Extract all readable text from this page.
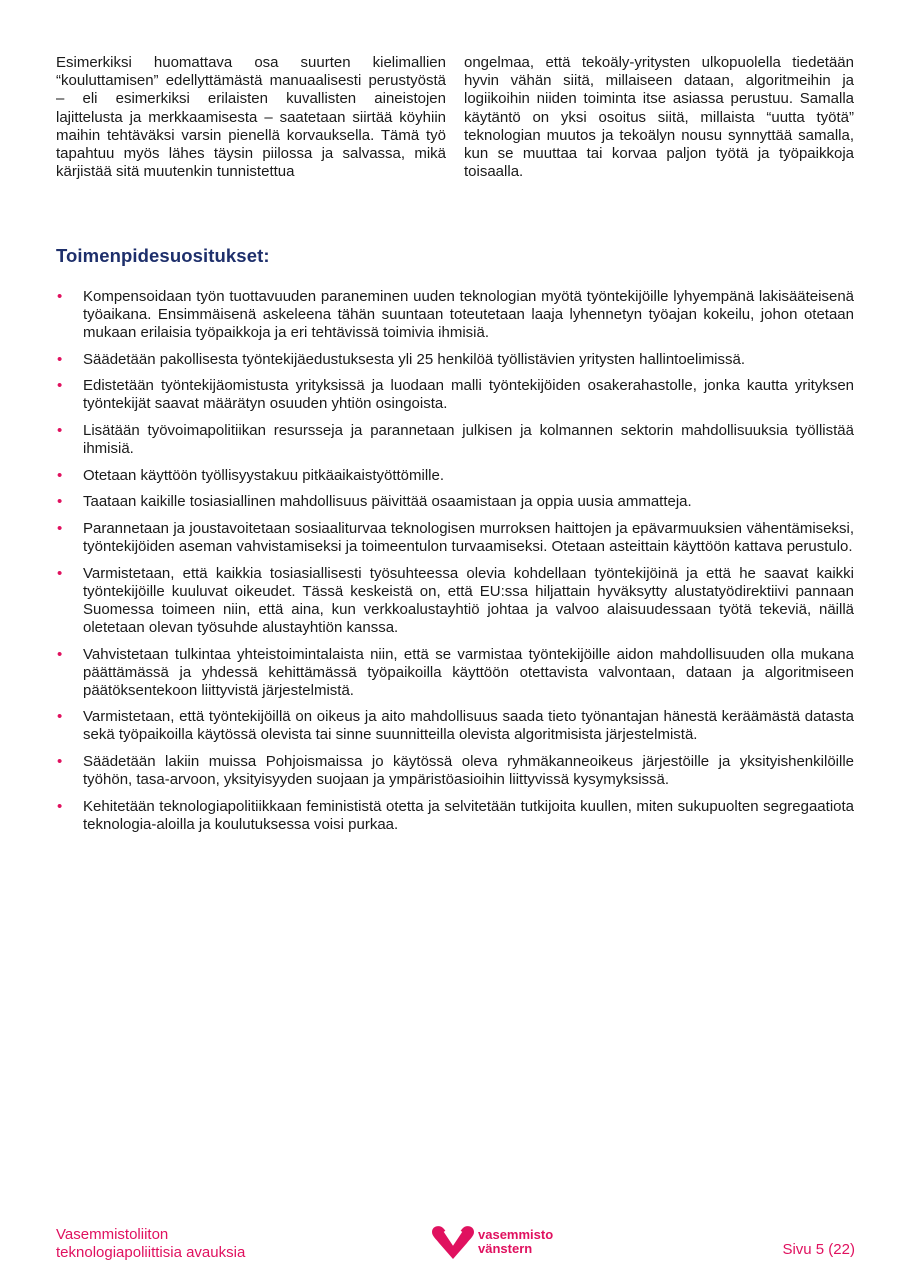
Esimerkiksi huomattava osa suurten kielimallien “kouluttamisen” edellyttämästä manuaalisesti perustyöstä – eli esimerkiksi erilaisten kuvallisten aineistojen lajittelusta ja merkkaamisesta – saatetaan siirtää köyhiin maihin tehtäväksi varsin pienellä korvauksella. Tämä työ tapahtuu myös lähes täysin piilossa ja salvassa, mikä kärjistää sitä muutenkin tunnistettua

ongelmaa, että tekoäly-yritysten ulkopuolella tiedetään hyvin vähän siitä, millaiseen dataan, algoritmeihin ja logiikoihin niiden toiminta itse asiassa perustuu. Samalla käytäntö on yksi osoitus siitä, millaista “uutta työtä” teknologian muutos ja tekoälyn nousu synnyttää samalla, kun se muuttaa tai korvaa paljon työtä ja työpaikkoja toisaalla.

Toimenpidesuositukset:
• Kompensoidaan työn tuottavuuden paraneminen uuden teknologian myötä työntekijöille lyhyempänä lakisääteisenä työaikana. Ensimmäisenä askeleena tähän suuntaan toteutetaan laaja lyhennetyn työajan kokeilu, johon otetaan mukaan erilaisia työpaikkoja ja eri tehtävissä toimivia ihmisiä.
• Säädetään pakollisesta työntekijäedustuksesta yli 25 henkilöä työllistävien yritysten hallintoelimissä.
• Edistetään työntekijäomistusta yrityksissä ja luodaan malli työntekijöiden osakerahastolle, jonka kautta yrityksen työntekijät saavat määrätyn osuuden yhtiön osingoista.
• Lisätään työvoimapolitiikan resursseja ja parannetaan julkisen ja kolmannen sektorin mahdollisuuksia työllistää ihmisiä.
• Otetaan käyttöön työllisyystakuu pitkäaikaistyöttömille.
• Taataan kaikille tosiasiallinen mahdollisuus päivittää osaamistaan ja oppia uusia ammatteja.
• Parannetaan ja joustavoitetaan sosiaaliturvaa teknologisen murroksen haittojen ja epävarmuuksien vähentämiseksi, työntekijöiden aseman vahvistamiseksi ja toimeentulon turvaamiseksi. Otetaan asteittain käyttöön kattava perustulo.
• Varmistetaan, että kaikkia tosiasiallisesti työsuhteessa olevia kohdellaan työntekijöinä ja että he saavat kaikki työntekijöille kuuluvat oikeudet. Tässä keskeistä on, että EU:ssa hiljattain hyväksytty alustatyödirektiivi pannaan Suomessa toimeen niin, että aina, kun verkkoalustayhtiö johtaa ja valvoo alaisuudessaan työtä tekeviä, näillä oletetaan olevan työsuhde alustayhtiön kanssa.
• Vahvistetaan tulkintaa yhteistoimintalaista niin, että se varmistaa työntekijöille aidon mahdollisuuden olla mukana päättämässä ja yhdessä kehittämässä työpaikoilla käyttöön otettavista valvontaan, dataan ja algoritmiseen päätöksentekoon liittyvistä järjestelmistä.
• Varmistetaan, että työntekijöillä on oikeus ja aito mahdollisuus saada tieto työnantajan hänestä keräämästä datasta sekä työpaikoilla käytössä olevista tai sinne suunnitteilla olevista algoritmisista järjestelmistä.
• Säädetään lakiin muissa Pohjoismaissa jo käytössä oleva ryhmäkanneoikeus järjestöille ja yksityishenkilöille työhön, tasa-arvoon, yksityisyyden suojaan ja ympäristöasioihin liittyvissä kysymyksissä.
• Kehitetään teknologiapolitiikkaan feminististä otetta ja selvitetään tutkijoita kuullen, miten sukupuolten segregaatiota teknologia-aloilla ja koulutuksessa voisi purkaa.
Vasemmistoliiton
teknologiapoliittisia avauksia
vasemmisto
vänstern	Sivu 5 (22)
